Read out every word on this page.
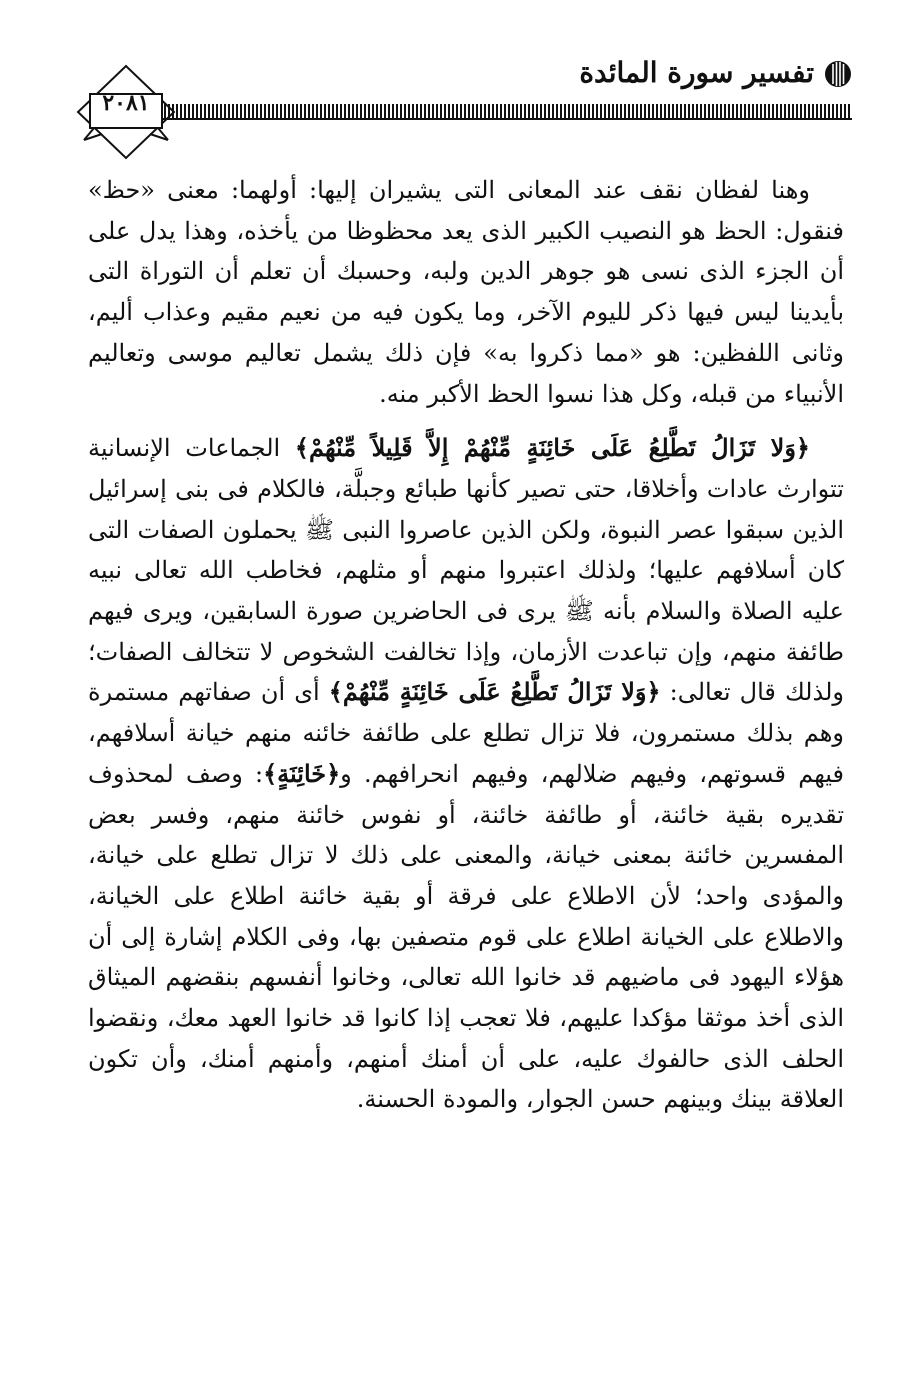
تفسير سورة المائدة
٢٠٨١

وهنا لفظان نقف عند المعانى التى يشيران إليها: أولهما: معنى «حظ» فنقول: الحظ هو النصيب الكبير الذى يعد محظوظا من يأخذه، وهذا يدل على أن الجزء الذى نسى هو جوهر الدين ولبه، وحسبك أن تعلم أن التوراة التى بأيدينا ليس فيها ذكر لليوم الآخر، وما يكون فيه من نعيم مقيم وعذاب أليم، وثانى اللفظين: هو «مما ذكروا به» فإن ذلك يشمل تعاليم موسى وتعاليم الأنبياء من قبله، وكل هذا نسوا الحظ الأكبر منه.

﴿وَلا تَزَالُ تَطَّلِعُ عَلَى خَائِنَةٍ مِّنْهُمْ إِلاَّ قَلِيلاً مِّنْهُمْ﴾ الجماعات الإنسانية تتوارث عادات وأخلاقا، حتى تصير كأنها طبائع وجبلَّة، فالكلام فى بنى إسرائيل الذين سبقوا عصر النبوة، ولكن الذين عاصروا النبى ﷺ يحملون الصفات التى كان أسلافهم عليها؛ ولذلك اعتبروا منهم أو مثلهم، فخاطب الله تعالى نبيه عليه الصلاة والسلام بأنه ﷺ يرى فى الحاضرين صورة السابقين، ويرى فيهم طائفة منهم، وإن تباعدت الأزمان، وإذا تخالفت الشخوص لا تتخالف الصفات؛ ولذلك قال تعالى: ﴿وَلا تَزَالُ تَطَّلِعُ عَلَى خَائِنَةٍ مِّنْهُمْ﴾ أى أن صفاتهم مستمرة وهم بذلك مستمرون، فلا تزال تطلع على طائفة خائنه منهم خيانة أسلافهم، فيهم قسوتهم، وفيهم ضلالهم، وفيهم انحرافهم. و﴿خَائِنَةٍ﴾: وصف لمحذوف تقديره بقية خائنة، أو طائفة خائنة، أو نفوس خائنة منهم، وفسر بعض المفسرين خائنة بمعنى خيانة، والمعنى على ذلك لا تزال تطلع على خيانة، والمؤدى واحد؛ لأن الاطلاع على فرقة أو بقية خائنة اطلاع على الخيانة، والاطلاع على الخيانة اطلاع على قوم متصفين بها، وفى الكلام إشارة إلى أن هؤلاء اليهود فى ماضيهم قد خانوا الله تعالى، وخانوا أنفسهم بنقضهم الميثاق الذى أخذ موثقا مؤكدا عليهم، فلا تعجب إذا كانوا قد خانوا العهد معك، ونقضوا الحلف الذى حالفوك عليه، على أن أمنك أمنهم، وأمنهم أمنك، وأن تكون العلاقة بينك وبينهم حسن الجوار، والمودة الحسنة.
